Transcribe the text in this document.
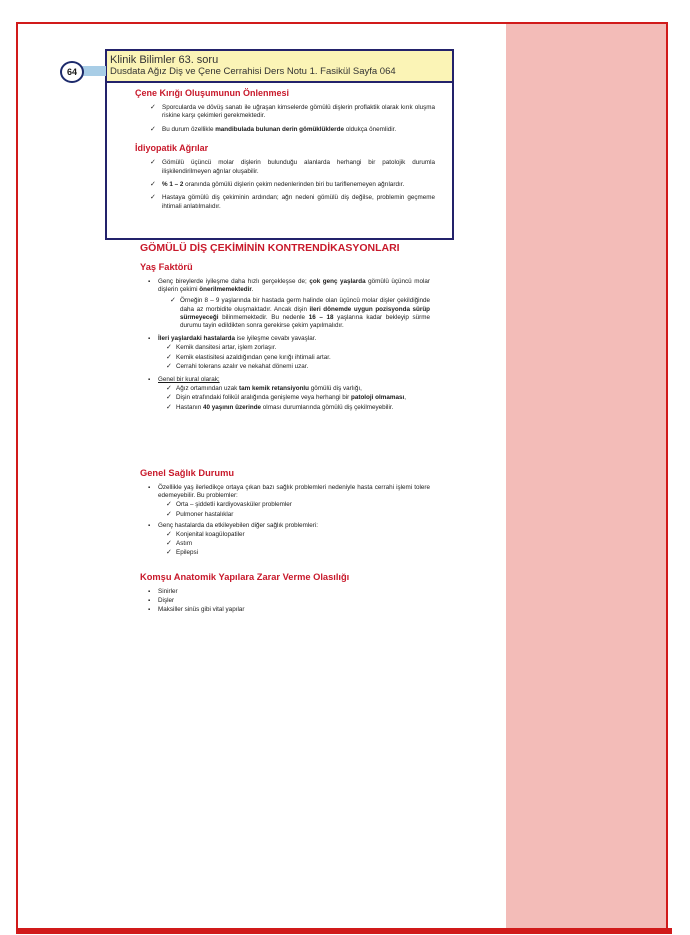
64
Klinik Bilimler 63. soru
Dusdata Ağız Diş ve Çene Cerrahisi Ders Notu 1. Fasikül Sayfa 064
Çene Kırığı Oluşumunun Önlenmesi
✓ Sporcularda ve dövüş sanatı ile uğraşan kimselerde gömülü dişlerin proflaktik olarak kırık oluşma riskine karşı çekimleri gerekmektedir.
✓ Bu durum özellikle mandibulada bulunan derin gömüklüklerde oldukça önemlidir.
İdiyopatik Ağrılar
✓ Gömülü üçüncü molar dişlerin bulunduğu alanlarda herhangi bir patolojik durumla ilişkilendirilmeyen ağrılar oluşabilir.
✓ % 1 – 2 oranında gömülü dişlerin çekim nedenlerinden biri bu tariflenemeyen ağrılardır.
✓ Hastaya gömülü diş çekiminin ardından; ağrı nedeni gömülü diş değilse, problemin geçmeme ihtimali anlatılmalıdır.
GÖMÜLÜ DİŞ ÇEKİMİNİN KONTRENDİKASYONLARI
Yaş Faktörü
▪ Genç bireylerde iyileşme daha hızlı gerçekleşse de; çok genç yaşlarda gömülü üçüncü molar dişlerin çekimi önerilmemektedir.
✓ Örneğin 8 – 9 yaşlarında bir hastada germ halinde olan üçüncü molar dişler çekildiğinde daha az morbidite oluşmaktadır. Ancak dişin ileri dönemde uygun pozisyonda sürüp sürmeyeceği bilinmemektedir. Bu nedenle 16 – 18 yaşlarına kadar bekleyip sürme durumu tayin edildikten sonra gerekirse çekim yapılmalıdır.
▪ İleri yaşlardaki hastalarda ise iyileşme cevabı yavaşlar.
✓ Kemik dansitesi artar, işlem zorlaşır.
✓ Kemik elastisitesi azaldığından çene kırığı ihtimali artar.
✓ Cerrahi tolerans azalır ve nekahat dönemi uzar.
▪ Genel bir kural olarak;
✓ Ağız ortamından uzak tam kemik retansiyonlu gömülü diş varlığı,
✓ Dişin etrafındaki folikül aralığında genişleme veya herhangi bir patoloji olmaması,
✓ Hastanın 40 yaşının üzerinde olması durumlarında gömülü diş çekilmeyebilir.
Genel Sağlık Durumu
▪ Özellikle yaş ilerledikçe ortaya çıkan bazı sağlık problemleri nedeniyle hasta cerrahi işlemi tolere edemeyebilir. Bu problemler:
✓ Orta – şiddetli kardiyovasküler problemler
✓ Pulmoner hastalıklar
▪ Genç hastalarda da etkileyebilen diğer sağlık problemleri:
✓ Konjenital koagülopatiler
✓ Astım
✓ Epilepsi
Komşu Anatomik Yapılara Zarar Verme Olasılığı
▪ Sinirler
▪ Dişler
▪ Maksiller sinüs gibi vital yapılar
